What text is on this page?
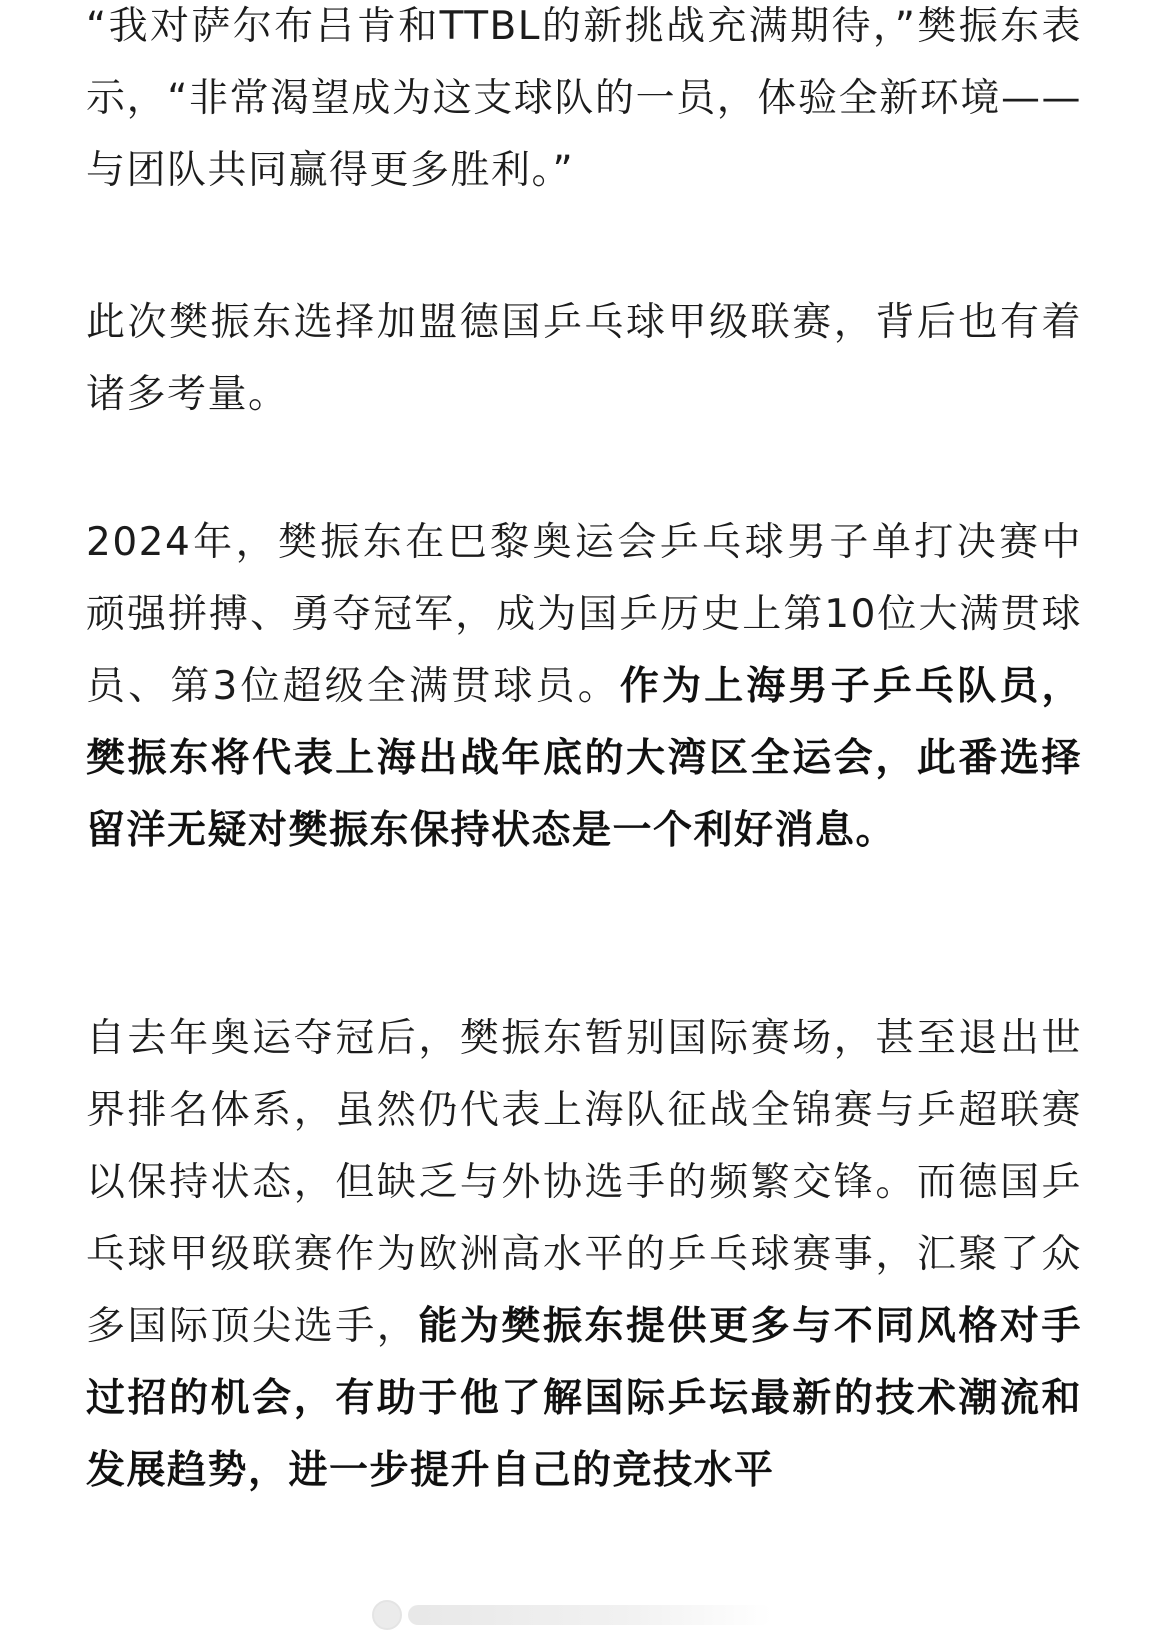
“我对萨尔布吕肯和TTBL的新挑战充满期待，”樊振东表示，“非常渴望成为这支球队的一员，体验全新环境——与团队共同赢得更多胜利。”

此次樊振东选择加盟德国乒乓球甲级联赛，背后也有着诸多考量。

2024年，樊振东在巴黎奥运会乒乓球男子单打决赛中顽强拼搏、勇夺冠军，成为国乒历史上第10位大满贯球员、第3位超级全满贯球员。作为上海男子乒乓队员，樊振东将代表上海出战年底的大湾区全运会，此番选择留洋无疑对樊振东保持状态是一个利好消息。

自去年奥运夺冠后，樊振东暂别国际赛场，甚至退出世界排名体系，虽然仍代表上海队征战全锦赛与乒超联赛以保持状态，但缺乏与外协选手的频繁交锋。而德国乒乓球甲级联赛作为欧洲高水平的乒乓球赛事，汇聚了众多国际顶尖选手，能为樊振东提供更多与不同风格对手过招的机会，有助于他了解国际乒坛最新的技术潮流和发展趋势，进一步提升自己的竞技水平
